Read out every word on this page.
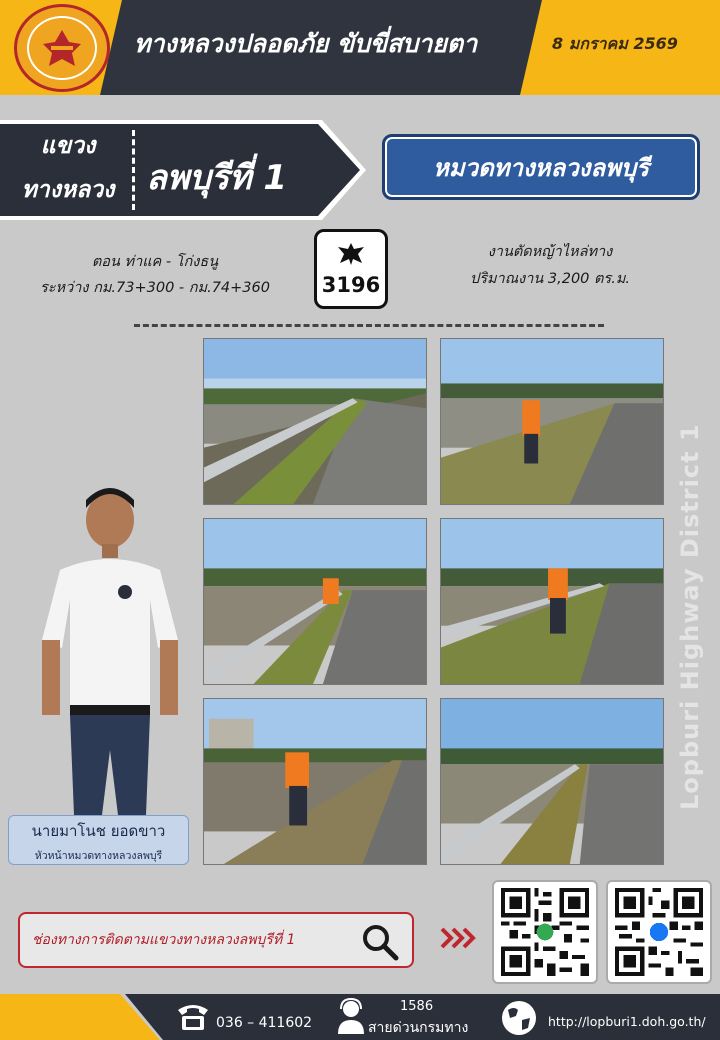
ทางหลวงปลอดภัย ขับขี่สบายตา	8 มกราคม 2569
แขวง
ทางหลวง ลพบุรีที่ 1	หมวดทางหลวงลพบุรี
ตอน ท่าแค - โก่งธนู
ระหว่าง กม.73+300 - กม.74+360	3196
งานตัดหญ้าไหล่ทาง
ปริมาณงาน 3,200 ตร.ม.
Lopburi Highway District 1
นายมาโนช ยอดขาว
หัวหน้าหมวดทางหลวงลพบุรี
ช่องทางการติดตามแขวงทางหลวงลพบุรีที่ 1
036 – 411602
1586
สายด่วนกรมทาง	http://lopburi1.doh.go.th/
